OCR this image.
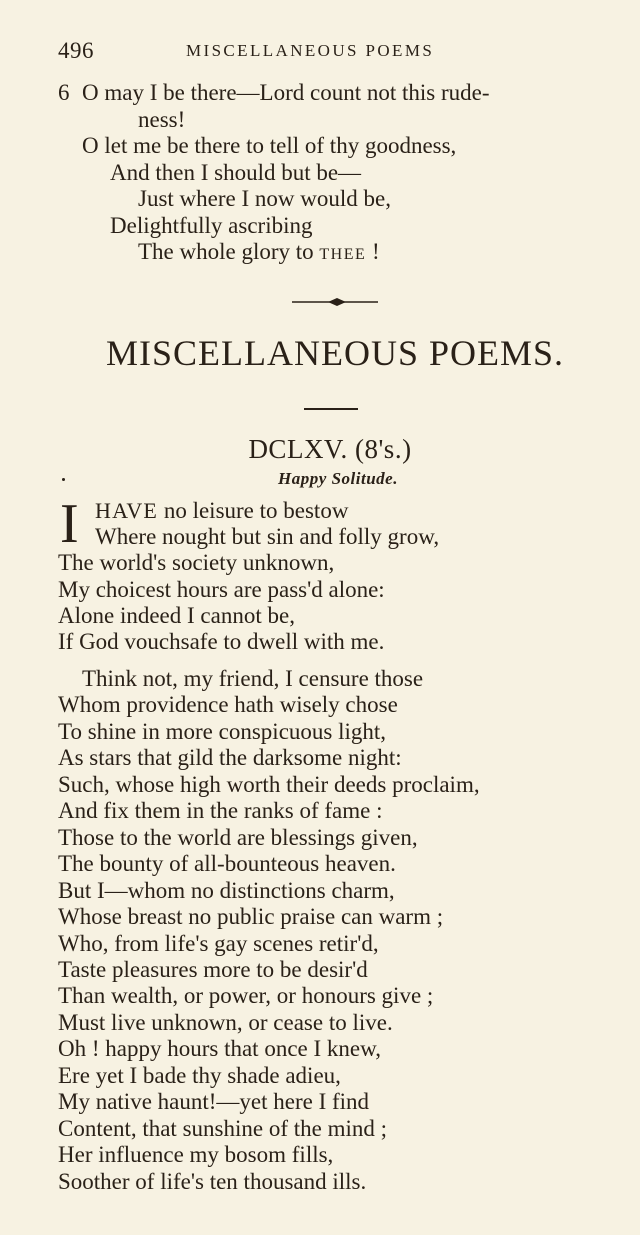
496	MISCELLANEOUS POEMS
6 O may I be there—Lord count not this rude-
ness!
O let me be there to tell of thy goodness,
And then I should but be—
Just where I now would be,
Delightfully ascribing
The whole glory to THEE !
MISCELLANEOUS POEMS.
DCLXV. (8's.)
Happy Solitude.
I HAVE no leisure to bestow
Where nought but sin and folly grow,
The world's society unknown,
My choicest hours are pass'd alone:
Alone indeed I cannot be,
If God vouchsafe to dwell with me.
Think not, my friend, I censure those
Whom providence hath wisely chose
To shine in more conspicuous light,
As stars that gild the darksome night:
Such, whose high worth their deeds proclaim,
And fix them in the ranks of fame :
Those to the world are blessings given,
The bounty of all-bounteous heaven.
But I—whom no distinctions charm,
Whose breast no public praise can warm ;
Who, from life's gay scenes retir'd,
Taste pleasures more to be desir'd
Than wealth, or power, or honours give ;
Must live unknown, or cease to live.
Oh ! happy hours that once I knew,
Ere yet I bade thy shade adieu,
My native haunt!—yet here I find
Content, that sunshine of the mind ;
Her influence my bosom fills,
Soother of life's ten thousand ills.
